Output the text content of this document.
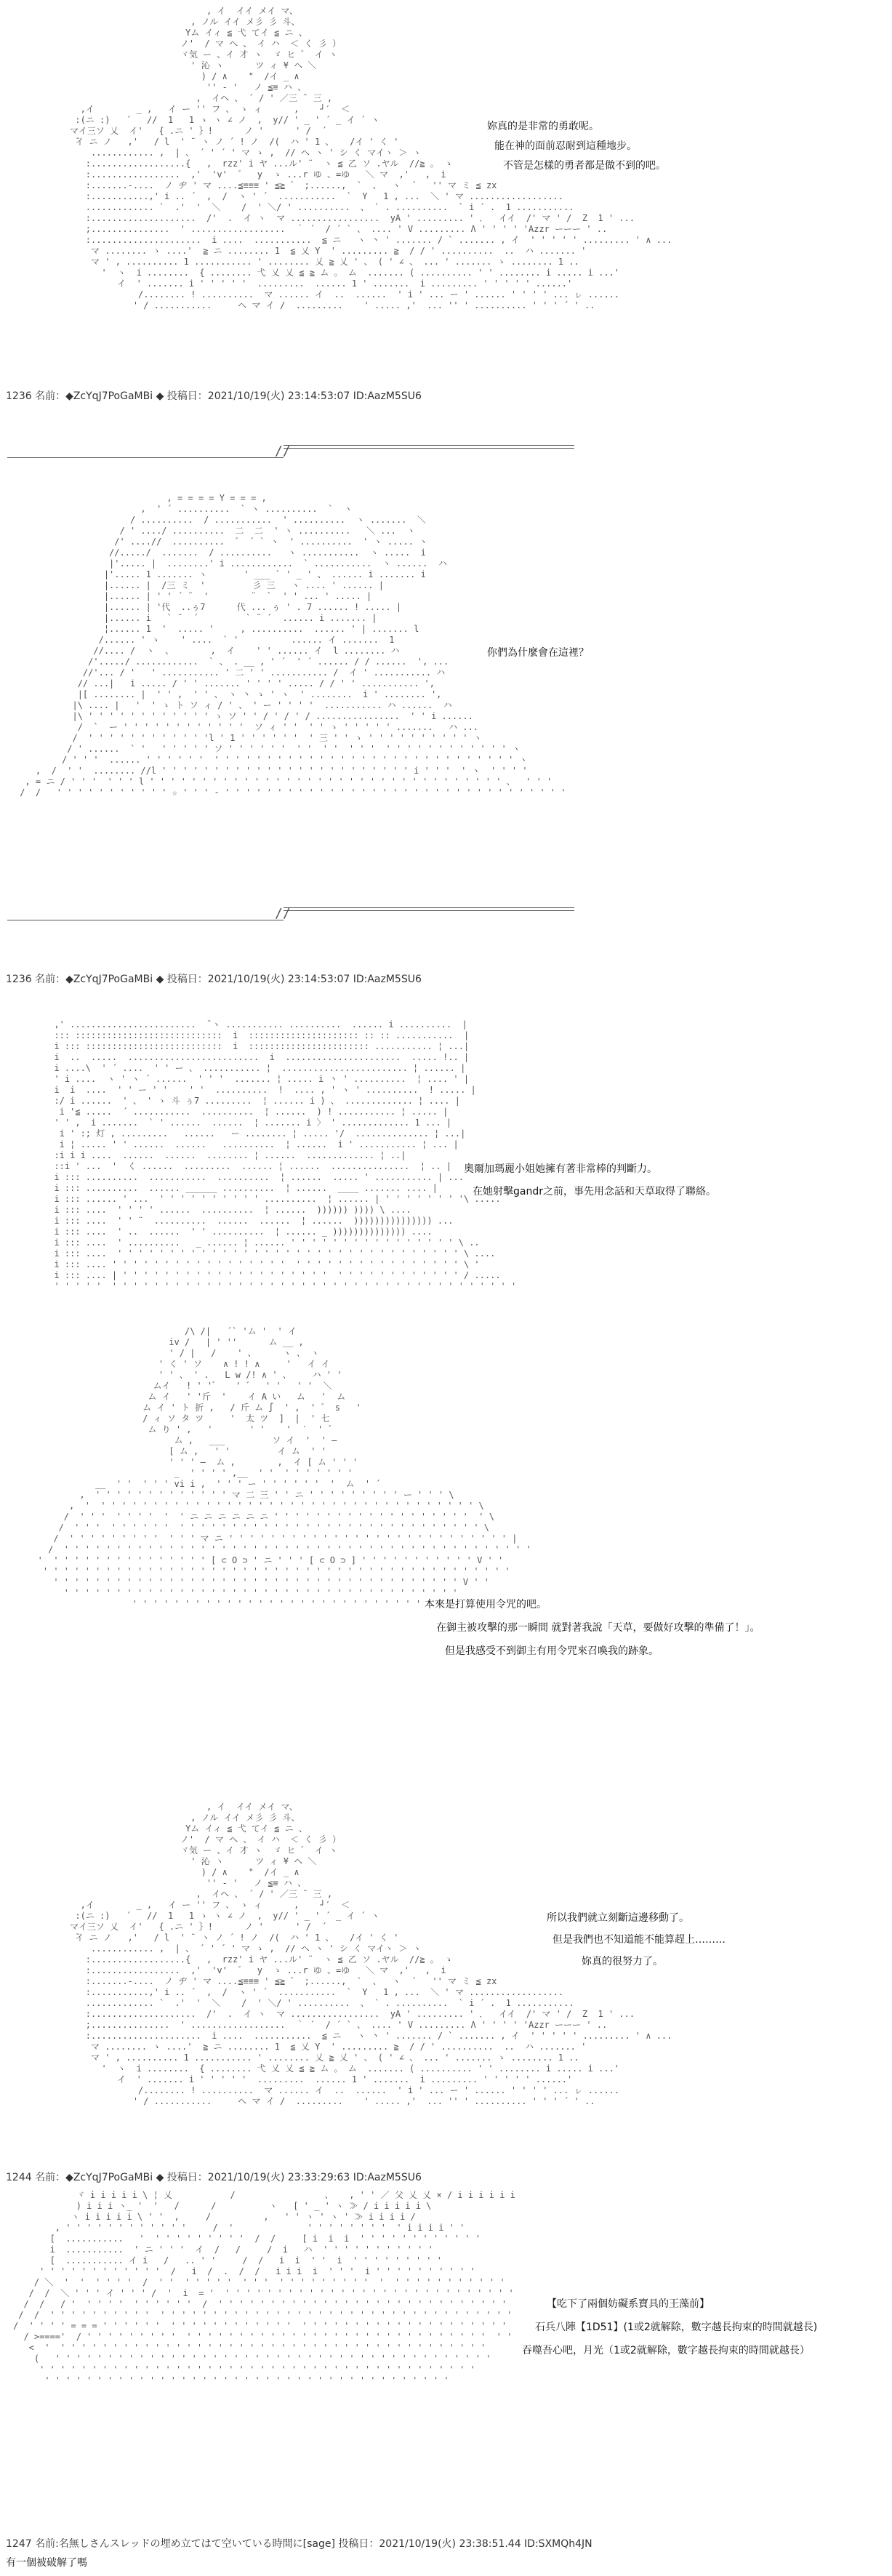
, イ  イイ メイ マ、
, ノル イイ メ彡 彡 斗、
Yム イィ ≦ 弋 てイ ≦ ニ 、
ノ'  / マ へ 、 イ ハ  ＜ く 彡 ）
ヾ気 ー 、イ 才 ヽ  ゞ ヒ ゛ イ ヽ
' 沁 ヽ      ツ ィ ¥ ヘ ＼
) / ∧    "  /イ _ ∧
'' ‐ '   ノ ≦≡ ハ 、
,  イヘ 、 ´ / ' ／三 ¨ 三 ,
,イ        _ ,   イ ー '' フ 、 ゝ ィ      ,    ┘′  ＜
:(ニ :)   ´   //  1   1 ゝ ヽ ∠ ノ  ,  y// ' _ ' ´ _ イ ´ ヽ
マイ三ソ 乂  イ'   { .ニ ' ｝!      ノ '      ' /  ´
̄イ ニ ノ   ,'   / l  ' ¨ ヽ ノ ´ ! ノ  /(  ハ ' 1 、   /イ ' く '
............ ,  | 、 ´ ' ´ ' マ ゝ ,  // ヘ ヽ ' シ く マイヽ ＞ ヽ
:..................{   ,  rzz' i ヤ ...ル' ¨  ヽ ≦ 乙 ソ .ヤル  //≧ 。 ゝ
:.................  ,'  'v'  ゛  y  ゝ ...r ゆ 、=ゆ   ＼ マ  ,'   ,  i
:.......-....  ノ ヂ ' マ ....≦≡≡≡ ' ≦≧ ゛ ;......,  `  、  ヽ  ´   '' マ ミ ≦ zx
:...........,' i .. ´  ,  /  ヽ ' ´  ...........  `  Y   1 , ...  ＼ ' マ ..................
............. `  .'  '  ＼    /  ' ＼/ ' ..........  、 ` . ..........  ` i ´ .  1 ...........
:....................  /'  .  イ ヽ  マ .................  yA ' ......... ' ．  イイ  /' マ ' /  Z  1 ' ...
;...............  ' ..................  ｀ ´  / ´ ` 、 .... ' V ......... Ʌ ' ' ' ' 'Azzr ーーー ' ..
:.....................  i ....  ...........  ≦ ニ   ヽ 丶 ' ....... / ` ....... , イ  ' ' ' ' ' ......... ' ∧ ...
マ ........ ゝ ....'  ≧ ニ ........ 1  ≦ 乂 Y  ' ......... ≧  / / ' ..........  ..  ハ ....... '
マ ' , .......... 1 ........... ' ........ 乂 ≧ 乂 ' 、 ( ' ∠ 、 ... ' ....... ゝ ........ 1 ..
'  ヽ  i ........  { ........ 弋 乂 乂 ≦ ≧ ム 。 ム  ....... ( .......... ' ' ........ i ..... i ...'
イ  ' ....... i ' ' ' ' '  .........  ...... 1 ' .......  i ......... ' ' ' ' ' ......'
/........ ! ..........  マ ...... イ  ..  ......  ' i ' ... ー ' ...... ' ' ' ' ... ㇾ ......
' / ...........     へ マ イ /  .........    ' ..... ,'  ... '' ' .......... ' ' ' ´ ' ..

妳真的是非常的勇敢呢。
能在神的面前忍耐到這種地步。
不管是怎樣的勇者都是做不到的吧。
1236 名前：◆ZcYqJ7PoGaMBi ◆ 投稿日：2021/10/19(火) 23:14:53:07 ID:AazM5SU6
//
, = = = = Y = = = ,
,  ' ´ ..........  ` ヽ ..........  `  ヽ
/ ..........  / ...........  ' ..........  ヽ .......  ＼
/ ' ..../ ..........  二  二  ' ヽ ..........   ＼ ...  ヽ
/' ....//  ..........  ゛ ´ ` ヽ  ' ..........  ' ヽ ..... ヽ
//...../  .......  / ..........   ヽ ...........  ヽ .....  i
|'..... |  ........' i ............  ` ...........  ヽ ......  ハ
|'..... 1 ....... ヽ       ' ___ ` ' _ ' 、 ...... i ....... i
|...... |  /三 ミ  '         彡 三   ヽ .... ' ...... |
|...... | ' ' ´ ¨  '        ¨  `  ' ' ... ' ..... |
|...... | '代  ..ぅ7      代 ... ぅ ' . 7 ...... ! ..... |
|...... i   ` ¨  ´         ` ¨ ´  ...... i ....... |
¦...... 1  '  ..... '     , ..........  ...... ' | ....... l
/...... ' ゝ    ' ....  ` '          ...... イ .......  1
//.... /  ヽ  、       ,  イ    ' ' ...... イ  l ........ ハ
/'...../ ............  ` 、 . __ , ' ´  ' ´ ...... / / ......  ', ...
//'... / '   ' ........... ' 二 ' ' ........... /  イ ' ........... ハ
// ...|   i ..... / ' ' ....... ' ' ' ' ..... / / ' ' ........... ',
|[ ........ |  ' ' ,  ' ' 、 ヽ 丶 ゝ ' ヽ  ' ........  i ' ........ ',
|\ .... |   '  ' ゝ ト ソ ィ / ' 、 ' ー ' ' ' '  ........... ハ ......  ハ
|\ ' ' ' ' ' ' ' ' ' ' ' ' ゝ ソ ' ' / ' / ' / ................  ' ' i ......
/  `  ー ' ' ' ' ' ' ' ' ' ' ' '  ソ ィ ' '  ' ' ゝ ' ' ' ' ' .......   ハ ...
/  ' ' ' ' ' ' ' ' ' ' ' 'l ' 1 ' ' ' ' ' '  ' 三 ' ' ゝ ' ' ' ' ' ' ' ' ' ' ヽ
/ ' ......  ` '   ' ' ' ' ' ソ ' ' ' ' ' '  ' '  ' '  ' ' '  ' ' ' ' ' ' ' ' ' ' ' ' ヽ
/ ' ' '  ...... ' ' ' ' ' '  ' ' ' ' ' ' ' ' ' ' ' ' ' ' ' ' ' ' ' ' ' ' ' ' ' ' ' ' ' ヽ
,  /  ' '  ........ //l ' ' ' ' ' ' ' ' ' ' ' ' ' ' ' ' ' ' ' ' ' ' ' ' i ' ' '  ' ヽ  ' ' ' '
, = ニ / ' ' '  ' ' ' l ' ' ' ' ' ' ' ' ' ' ' ' ' ' ' ' ' ' ' ' ' ' ' ' ' ' ' ' ' ' ' ' ' ' 、  ' ' '
/  /   ' ' ' ' ' ' ' ' ' ' ' ☆ ' ' ' - ' ' ' ' ' ' ' ' ' ' ' ' ' ' ' ' ' ' ' ' ' ' ' ' ' ' ' ' ' ' ' ' '

你們為什麼會在這裡？
//
1236 名前：◆ZcYqJ7PoGaMBi ◆ 投稿日：2021/10/19(火) 23:14:53:07 ID:AazM5SU6
,' ........................  ̄ ヽ ........... ..........  ...... i ..........  |
::: ::::::::::::::::::::::::::::  i  ::::::::::::::::::::: :: :: ...........  |
i ::: ::::::::::::::::::::::::::  i  ::::::::::::::::::::::: ........... ¦ ...|
i  ..  .....  .........................  i  ......................  ..... !.. |
i ....\  ' ´ ....  ' ' ー 、 ........... ¦  ........................ ¦ ...... |
' i ....  ヽ ' ヽ ´ ......  ' ' '  ....... ¦ ..... i 丶 ' ..........  ¦ .... ' |
i  i  ....  ' ' ー ' '    ' '  ..........  !  .... , ' ヽ ' ..........  ! ..... |
:/ i ......  ' 、 ' ゝ 斗 ぅ7 .........  ¦ ...... i ) 、 ............. ¦ .... |
i '≦ .....  ´ ...........  ..........  ¦ ......  ) ! ........... ¦ ..... |
' ' ,  i .......  ` ' ......  ......  ¦ ....... i 〉 ' ............. 1 ... |
i ' :; 灯 , .........   ......   ー ........ ¦ ..... '/  .............. ¦ ...|
i ¦ ..... ' ' ......  ......   ..........  ¦ ......  i ' ........... ¦ ... |
:i i i ....  ......  ......  ........ ¦ ......  ............. ¦ ..|
::i ' ...  '  く ......  .........  ...... ¦ ......  ...............  ¦ .. |
i ::: ..........  ...........  ..........  ¦ ......  ..... ' ........... | ...
i ::: ..........  ...... ______ ..........  ¦ ......  ____ ....... .... |
i ::: ...... ' ...  ' ' ' ' ' ' ' ' ' ' ..........  ¦ ...... | ' ' ' ' ' ' ' '\ .....
i ::: ....  ' ' ' ' ......  ..........  ¦ ......  )))))) )))) \ ....
i ::: ....  ' ' ¨  ..........  ......  ......  ¦ ......  ))))))))))))))) ...
i ::: ....  ' ..  ......  ' ' ..........  ¦ ...... _ )))))))))))))) ....
i ::: ....  ' ..........   _ ...... ¦ ...... ' ' ' ' ' ' ' ' ' ' ' ' ' ' ' ' \ ..
i ::: ....  ' ' ' ' ' ' ' ' ' ' ' ' ' ' ' ' ' ' ' ' ' ' ' ' ' ' ' ' ' ' ' ' ' \ ....
i ::: .... ' ' ' ' ' ' ' ' ' ' ' ' ' ' ' ' '  ' ' ' ' ' ' ' ' ' ' ' ' ' ' ' ' \ '
i ::: .... | ' ' ' ' ' ' ' ' ' ' ' ' ' ' ' ' ' ' ' '  ' ' ' ' ' ' ' ' ' ' ' ' / .....
' ' ' ' '  ' ' ' ' ' ' ' ' ' ' ' ' ' ' ' ' ' ' ' ' ' ' ' ' ' ' ' ' ' ' ' ' ' ' ' ' ' ' '

奧爾加瑪麗小姐她擁有著非常棒的判斷力。
在她射擊gandr之前，事先用念話和天草取得了聯絡。
/\ /|   ´` 'ム '  ' イ
iv /   | ' ''      ム __ ,
' / |   /    ' 、     ヽ 、 ヽ
' く ' ソ    ∧ ! ! ∧     '   イ イ
' ' 、 ' .   L w /! ∧ ' 、    ハ ' '
ムイ   ! ' ' ゙    ' ゛  ' '   ' '  ＼
ム イ   ' '斤  '    イ A い   ム   '  ム
ム イ ' ト 折 ,   / 斤 ム ∫  ' ,  ' ゛ s   '
/ ィ ソ タ ツ     '  太 ツ  ]  |  ' 七
ム り ' ,   '       ' '    '  ′  ' ゛
ム ,   ___         ソ イ  '  ' ―
[ ム ,   ' '         イ ム  ' '
' ' ' ―  ム ,        ,  イ [ ム ' ' '
_  ' ' ' ' ,__  ' '  ' ' ' ' ' ' '
__  ' '  ' ' ' vi i ,  ' ' ' ー ' ' ' ' ' '  '  ム  ' ´
,  ' ' ' ' ' ' ' ' ' ' ' ' ' マ 二 三 ' ' ニ ' ' ' ' ' ' ' ' ' ー ' ' ' \
,  '  ' ' ' ' ' ' ' ' ' ' ' ' ' ' ' ' ' ' ' ' ' ' ' ' ' ' ' ' ' ' ' ' ' ' ' ' \
/  ' ' '  ' ' ' '  '  ' ニ ニ ニ ニ ニ ニ ' ' ' ' ' ' ' ' ' ' ' ' ' ' ' ' ' ' '  ' \
/  ' ' '  ' ' ' ' ' '  ' ' ' ' ' ' ' ' ' ' ' ' ' ' ' ' ' ' ' ' ' ' ' ' ' ' ' ' ' \
/  ' ' ' ' ' ' ' ' '  ' ' ' マ ニ ' ' ' ' ' ' ' ' ' ' ' ' ' ' ' ' ' ' ' ' ' ' ' ' ' ' ' |
/  ' ' ' ' ' ' ' ' ' ' ' ' ' ' ' ' ' ' ' ' ' ' ' ' ' ' ' ' ' ' ' ' ' ' ' ' ' ' ' ' ' ' ' ' '
'  ' ' ' ' ' ' ' ' ' ' ' ' ' ' ' [ ⊂ O ⊃ ' ニ ' ' ' [ ⊂ O ⊃ ] ' ' ' ' ' ' ' ' ' ' ' V ' '
' ' ' ' ' ' ' ' ' ' ' ' ' ' ' ' ' ' ' ' ' ' ' ' ' ' ' ' ' ' ' ' ' ' ' ' ' ' ' ' ' ' ' ' '
' ' ' ' ' ' ' ' ' ' ' ' ' ' ' ' ' ' ' ' ' ' ' ' ' ' ' ' ' ' ' ' ' ' ' ' ' ' ' V ' '
' ' ' ' ' ' ' ' ' ' ' ' ' ' ' ' ' ' ' ' ' ' ' ' ' ' ' ' ' ' ' ' ' ' ' ' ' '
' ' ' ' ' ' ' ' ' ' ' ' ' ' ' ' ' ' ' ' ' ' ' ' ' ' ' ' ' ' '

本來是打算使用令咒的吧。
在御主被攻擊的那一瞬間 就對著我說「天草，要做好攻擊的準備了！」。
但是我感受不到御主有用令咒來召喚我的跡象。
, イ  イイ メイ マ、
, ノル イイ メ彡 彡 斗、
Yム イィ ≦ 弋 てイ ≦ ニ 、
ノ'  / マ へ 、 イ ハ  ＜ く 彡 ）
ヾ気 ー 、イ 才 ヽ  ゞ ヒ ゛ イ ヽ
' 沁 ヽ      ツ ィ ¥ ヘ ＼
) / ∧    "  /イ _ ∧
'' ‐ '   ノ ≦≡ ハ 、
,  イヘ 、 ´ / ' ／三 ¨ 三 ,
,イ        _ ,   イ ー '' フ 、 ゝ ィ      ,    ┘′  ＜
:(ニ :)   ´   //  1   1 ゝ ヽ ∠ ノ  ,  y// ' _ ' ´ _ イ ´ ヽ
マイ三ソ 乂  イ'   { .ニ ' ｝!      ノ '      ' /  ´
̄イ ニ ノ   ,'   / l  ' ¨ ヽ ノ ´ ! ノ  /(  ハ ' 1 、   /イ ' く '
............ ,  | 、 ´ ' ´ ' マ ゝ ,  // ヘ ヽ ' シ く マイヽ ＞ ヽ
:..................{   ,  rzz' i ヤ ...ル' ¨  ヽ ≦ 乙 ソ .ヤル  //≧ 。 ゝ
:.................  ,'  'v'  ゛  y  ゝ ...r ゆ 、=ゆ   ＼ マ  ,'   ,  i
:.......-....  ノ ヂ ' マ ....≦≡≡≡ ' ≦≧ ゛ ;......,  `  、  ヽ  ´   '' マ ミ ≦ zx
:...........,' i .. ´  ,  /  ヽ ' ´  ...........  `  Y   1 , ...  ＼ ' マ ..................
............. `  .'  '  ＼    /  ' ＼/ ' ..........  、 ` . ..........  ` i ´ .  1 ...........
:....................  /'  .  イ ヽ  マ .................  yA ' ......... ' ．  イイ  /' マ ' /  Z  1 ' ...
;...............  ' ..................  ｀ ´  / ´ ` 、 .... ' V ......... Ʌ ' ' ' ' 'Azzr ーーー ' ..
:.....................  i ....  ...........  ≦ ニ   ヽ 丶 ' ....... / ` ....... , イ  ' ' ' ' ' ......... ' ∧ ...
マ ........ ゝ ....'  ≧ ニ ........ 1  ≦ 乂 Y  ' ......... ≧  / / ' ..........  ..  ハ ....... '
マ ' , .......... 1 ........... ' ........ 乂 ≧ 乂 ' 、 ( ' ∠ 、 ... ' ....... ゝ ........ 1 ..
'  ヽ  i ........  { ........ 弋 乂 乂 ≦ ≧ ム 。 ム  ....... ( .......... ' ' ........ i ..... i ...'
イ  ' ....... i ' ' ' ' '  .........  ...... 1 ' .......  i ......... ' ' ' ' ' ......'
/........ ! ..........  マ ...... イ  ..  ......  ' i ' ... ー ' ...... ' ' ' ' ... ㇾ ......
' / ...........     へ マ イ /  .........    ' ..... ,'  ... '' ' .......... ' ' ' ´ ' ..

所以我們就立刻斷這邊移動了。
但是我們也不知道能不能算趕上………
妳真的很努力了。
1244 名前：◆ZcYqJ7PoGaMBi ◆ 投稿日：2021/10/19(火) 23:33:29:63 ID:AazM5SU6
ヾ i i i i i \ ¦ 乂           /                 、   , ' ' ／ 父 乂 乂 × / i i i i i i
) i i i ヽ_ '  '   /      /          ヽ   [ ' _ ' ヽ ≫ / i i i i i \
ヽ i i i i i \ ' '  ,     /          ,   ' ' ヽ ' ヽ ' ≫ i i i i /
, ' ' ' ' ' ' ' ' ' ' ' '     /  '              ' ' ' ' ' ' ' '  ' i i i i ' '
[  ...........   '  ' ' ' ' ' ' ' ' '  /  /     [ i  i  i  ' ' ' ' ' ' ' ' ' ' ' '
i  ...........  ' ニ ' ' '  イ  /   /     /  i   ハ  ' ' ' ' ' ' ' ' ' ' '
[  ........... イ i   /   .. ' '     /  /   i  i  ' '  i  ' ' ' ' ' ' ' ' '
' ' ' ' ' ' ' ' ' ' ' '  /   i  /  .  /  /   i i i  i  ' ' '  i ' ' ' ' ' ' ' ' ' '
/ ＼  '  '  ' ' ' '  /  ' '  ' ' ' ' '  ' ' '  ' ' ' ' ' ' ' ' '  '  ' ' ' ' ' ' ' ' ' ' '
/  /  ＼ ' ' ' イ ' ' ' /  '  i  = '  ' ' ' ' ' ' ' ' ' ' ' ' ' ' ' ' ' ' ' ' ' ' ' ' ' ' ' '
/  /   / '  ' ' ' '  ' ' ' ' ' '  /  ' ' ' ' ' ' ' ' ' ' ' ' ' ' ' ' ' ' ' ' ' ' ' ' ' ' ' '
/  /  ' ' ' ' ' ' ' ' ' '  ' ' ' ' ' ' ' ' ' ' ' ' ' ' ' ' ' ' ' ' ' ' ' ' ' ' ' ' ' ' ' ' ' '
/  ' ' ' ' = = = ' ' ' ' ' '  ' ' ' ' ' ' ' ' ' ' ' '  ' ' ' ' ' ' ' ' ' ' ' ' ' ' ' ' ' ' ' '
/ >===='  / ' ' ' ' ' ' ' ' '  ' ' ' ' ' ' ' ' ' ' ' ' ' ' ' ' ' ' ' ' ' ' ' ' ' ' ' ' '  ' '
<  '  ' ' ' ' ' ' ' ' ' ' ' ' ' ' ' ' ' ' ' ' ' ' ' ' ' ' ' ' ' ' ' ' ' ' ' ' ' ' ' ' '
(   ' ' ' ' ' ' ' ' ' ' ' ' ' ' ' ' ' ' ' ' ' ' ' ' ' ' ' ' ' ' ' ' ' ' ' ' ' ' ' ' ' '
' ' ' ' ' ' ' ' ' ' ' ' ' ' ' ' ' ' ' ' ' ' ' ' ' ' ' ' ' ' ' ' ' ' ' ' ' ' ' ' ' '
' ' ' ' ' ' ' ' ' ' ' ' ' ' ' ' ' ' ' ' ' ' ' ' ' ' ' ' ' ' ' ' ' ' ' ' ' ' '

【吃下了兩個妨礙系寶具的王藻前】
石兵八陣【1D51】(1或2就解除，數字越長拘束的時間就越長)
吞噬吾心吧，月光（1或2就解除，數字越長拘束的時間就越長）
1247 名前:名無しさんスレッドの埋め立てはて空いている時間に[sage] 投稿日：2021/10/19(火) 23:38:51.44 ID:SXMQh4JN
有一個被破解了嗎
